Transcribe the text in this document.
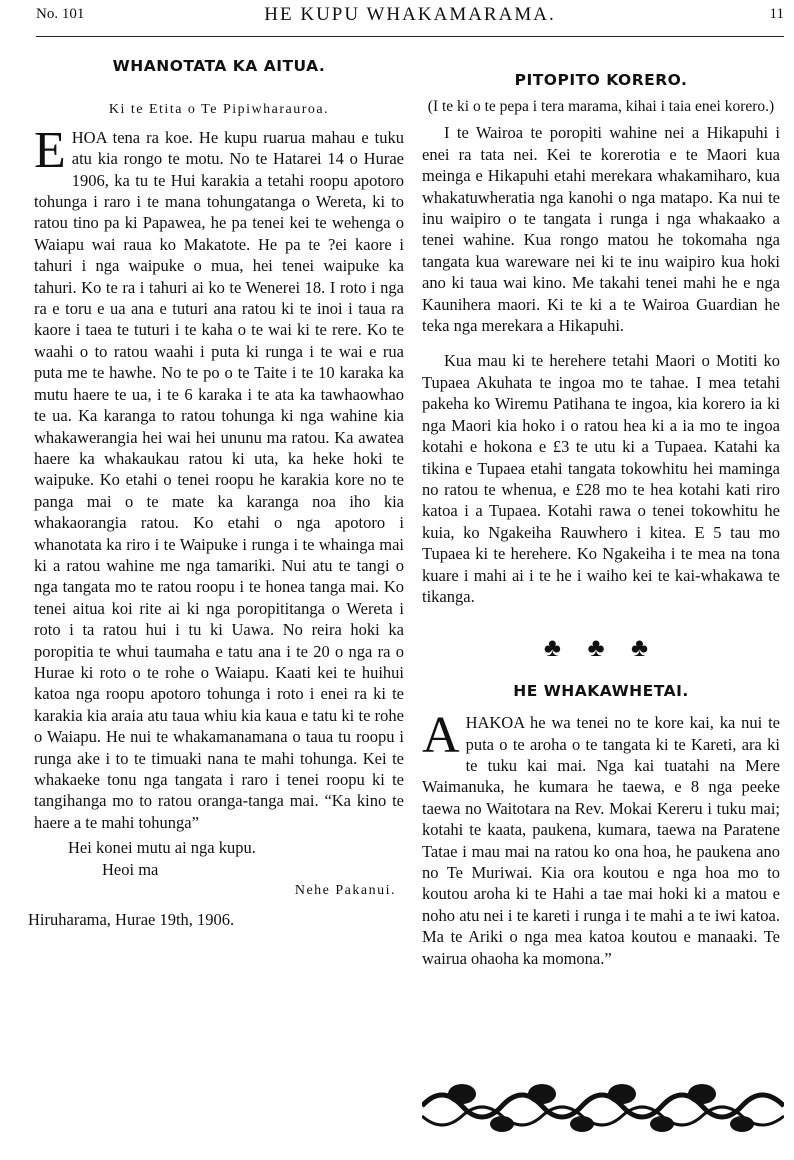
No. 101	HE KUPU WHAKAMARAMA.	11
WHANOTATA KA AITUA.
Ki te Etita o Te Pipiwharauroa.

EHOA tena ra koe. He kupu ruarua mahau e tuku atu kia rongo te motu. No te Hatarei 14 o Hurae 1906, ka tu te Hui karakia a tetahi roopu apotoro tohunga i raro i te mana tohungatanga o Wereta, ki to ratou tino pa ki Papawea, he pa tenei kei te wehenga o Waiapu wai raua ko Makatote. He pa te ?ei kaore i tahuri i nga waipuke o mua, hei tenei waipuke ka tahuri. Ko te ra i tahuri ai ko te Wenerei 18. I roto i nga ra e toru e ua ana e tuturi ana ratou ki te inoi i taua ra kaore i taea te tuturi i te kaha o te wai ki te rere. Ko te waahi o to ratou waahi i puta ki runga i te wai e rua puta me te hawhe. No te po o te Taite i te 10 karaka ka mutu haere te ua, i te 6 karaka i te ata ka tawhaowhao te ua. Ka karanga to ratou tohunga ki nga wahine kia whakawerangia hei wai hei ununu ma ratou. Ka awatea haere ka whakaukau ratou ki uta, ka heke hoki te waipuke. Ko etahi o tenei roopu he karakia kore no te panga mai o te mate ka karanga noa iho kia whakaorangia ratou. Ko etahi o nga apotoro i whanotata ka riro i te Waipuke i runga i te whainga mai ki a ratou wahine me nga tamariki. Nui atu te tangi o nga tangata mo te ratou roopu i te honea tanga mai. Ko tenei aitua koi rite ai ki nga poropititanga o Wereta i roto i ta ratou hui i tu ki Uawa. No reira hoki ka poropitia te whui taumaha e tatu ana i te 20 o nga ra o Hurae ki roto o te rohe o Waiapu. Kaati kei te huihui katoa nga roopu apotoro tohunga i roto i enei ra ki te karakia kia araia atu taua whiu kia kaua e tatu ki te rohe o Waiapu. He nui te whakamanamana o taua tu roopu i runga ake i to te timuaki nana te mahi tohunga. Kei te whakaeke tonu nga tangata i raro i tenei roopu ki te tangihanga mo to ratou oranga-tanga mai. “Ka kino te haere a te mahi tohunga”

Hei konei mutu ai nga kupu.
Heoi ma
Nehe Pakanui.
Hiruharama, Hurae 19th, 1906.
PITOPITO KORERO.
(I te ki o te pepa i tera marama, kihai i taia enei korero.)

I te Wairoa te poropiti wahine nei a Hikapuhi i enei ra tata nei. Kei te korerotia e te Maori kua meinga e Hikapuhi etahi merekara whakamiharo, kua whakatuwheratia nga kanohi o nga matapo. Ka nui te inu waipiro o te tangata i runga i nga whakaako a tenei wahine. Kua rongo matou he tokomaha nga tangata kua wareware nei ki te inu waipiro kua hoki ano ki taua wai kino. Me takahi tenei mahi he e nga Kaunihera maori. Ki te ki a te Wairoa Guardian he teka nga merekara a Hikapuhi.

Kua mau ki te herehere tetahi Maori o Motiti ko Tupaea Akuhata te ingoa mo te tahae. I mea tetahi pakeha ko Wiremu Patihana te ingoa, kia korero ia ki nga Maori kia hoko i o ratou hea ki a ia mo te ingoa kotahi e hokona e £3 te utu ki a Tupaea. Katahi ka tikina e Tupaea etahi tangata tokowhitu hei maminga no ratou te whenua, e £28 mo te hea kotahi kati riro katoa i a Tupaea. Kotahi rawa o tenei tokowhitu he kuia, ko Ngakeiha Rauwhero i kitea. E 5 tau mo Tupaea ki te herehere. Ko Ngakeiha i te mea na tona kuare i mahi ai i te he i waiho kei te kai-whakawa te tikanga.

♣ ♣ ♣
HE WHAKAWHETAI.

AHAKOA he wa tenei no te kore kai, ka nui te puta o te aroha o te tangata ki te Kareti, ara ki te tuku kai mai. Nga kai tuatahi na Mere Waimanuka, he kumara he taewa, e 8 nga peeke taewa no Waitotara na Rev. Mokai Kereru i tuku mai; kotahi te kaata, paukena, kumara, taewa na Paratene Tatae i mau mai na ratou ko ona hoa, he paukena ano no Te Muriwai. Kia ora koutou e nga hoa mo to koutou aroha ki te Hahi a tae mai hoki ki a matou e noho atu nei i te kareti i runga i te mahi a te iwi katoa. Ma te Ariki o nga mea katoa koutou e manaaki. Te wairua ohaoha ka momona.”
